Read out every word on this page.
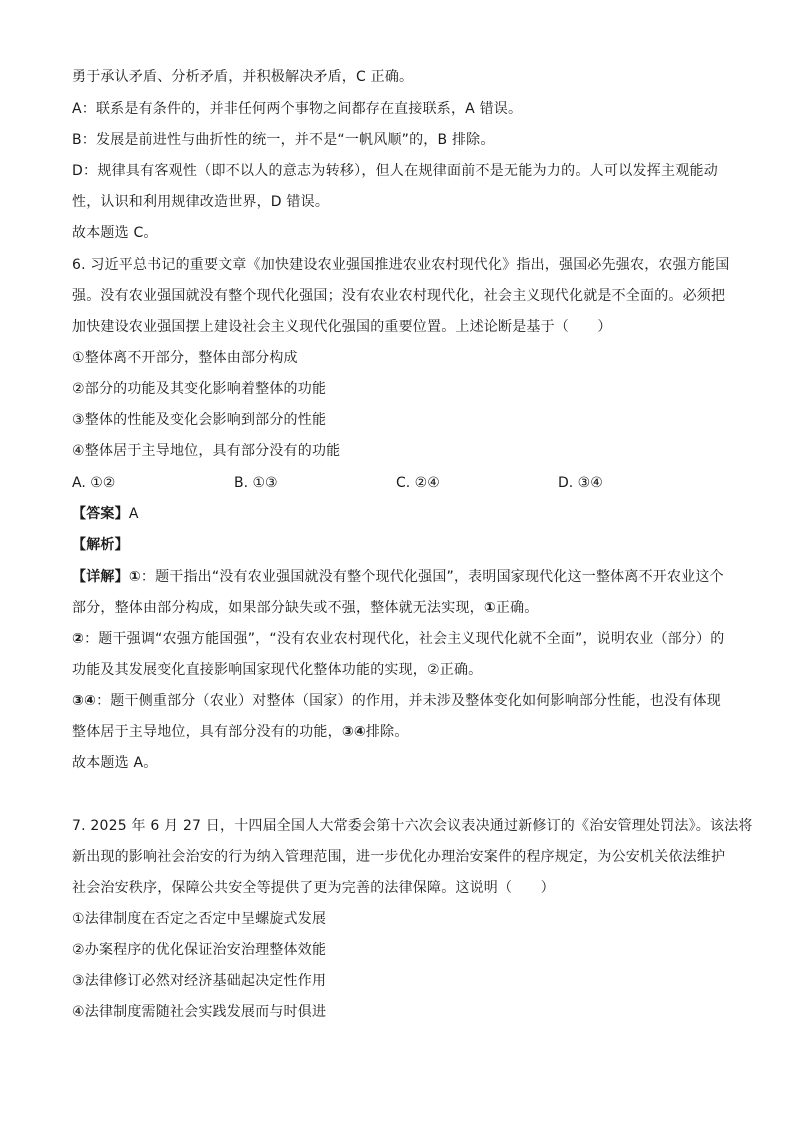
勇于承认矛盾、分析矛盾，并积极解决矛盾，C 正确。
A：联系是有条件的，并非任何两个事物之间都存在直接联系，A 错误。
B：发展是前进性与曲折性的统一，并不是“一帆风顺”的，B 排除。
D：规律具有客观性（即不以人的意志为转移），但人在规律面前不是无能为力的。人可以发挥主观能动
性，认识和利用规律改造世界，D 错误。
故本题选 C。
6. 习近平总书记的重要文章《加快建设农业强国推进农业农村现代化》指出，强国必先强农，农强方能国
强。没有农业强国就没有整个现代化强国；没有农业农村现代化，社会主义现代化就是不全面的。必须把
加快建设农业强国摆上建设社会主义现代化强国的重要位置。上述论断是基于（　　）
①整体离不开部分，整体由部分构成
②部分的功能及其变化影响着整体的功能
③整体的性能及变化会影响到部分的性能
④整体居于主导地位，具有部分没有的功能
A. ①②	B. ①③	C. ②④	D. ③④
【答案】A
【解析】
【详解】①：题干指出“没有农业强国就没有整个现代化强国”，表明国家现代化这一整体离不开农业这个
部分，整体由部分构成，如果部分缺失或不强，整体就无法实现，①正确。
②：题干强调“农强方能国强”，“没有农业农村现代化，社会主义现代化就不全面”，说明农业（部分）的
功能及其发展变化直接影响国家现代化整体功能的实现，②正确。
③④：题干侧重部分（农业）对整体（国家）的作用，并未涉及整体变化如何影响部分性能，也没有体现
整体居于主导地位，具有部分没有的功能，③④排除。
故本题选 A。
7. 2025 年 6 月 27 日，十四届全国人大常委会第十六次会议表决通过新修订的《治安管理处罚法》。该法将
新出现的影响社会治安的行为纳入管理范围，进一步优化办理治安案件的程序规定，为公安机关依法维护
社会治安秩序，保障公共安全等提供了更为完善的法律保障。这说明（　　）
①法律制度在否定之否定中呈螺旋式发展
②办案程序的优化保证治安治理整体效能
③法律修订必然对经济基础起决定性作用
④法律制度需随社会实践发展而与时俱进
